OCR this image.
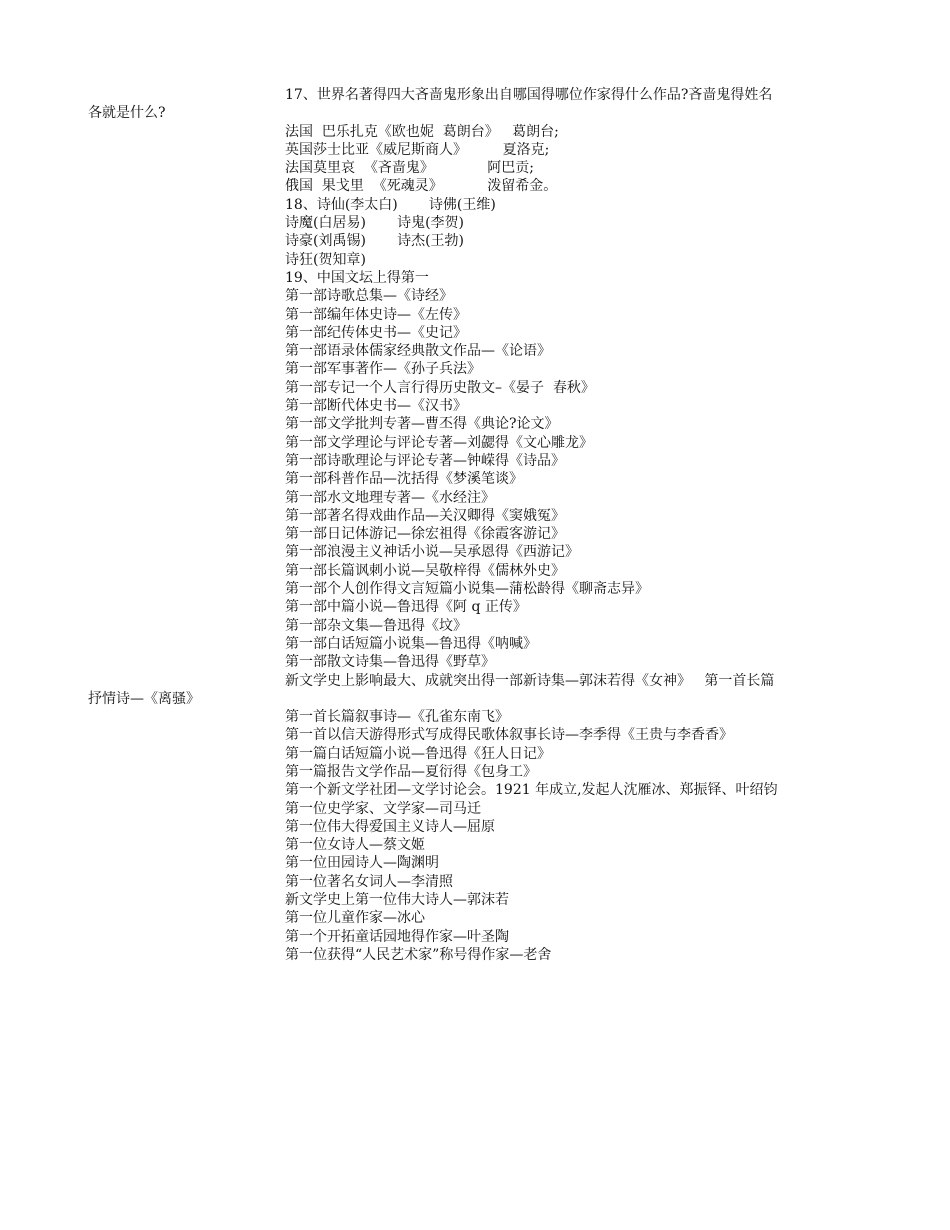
17、世界名著得四大吝啬鬼形象出自哪国得哪位作家得什么作品?吝啬鬼得姓名
各就是什么?
法国  巴乐扎克《欧也妮  葛朗台》   葛朗台;
英国莎士比亚《威尼斯商人》        夏洛克;
法国莫里哀  《吝啬鬼》            阿巴贡;
俄国  果戈里  《死魂灵》          泼留希金。
18、诗仙(李太白)       诗佛(王维)
诗魔(白居易)       诗鬼(李贺)
诗豪(刘禹锡)       诗杰(王勃)
诗狂(贺知章)
19、中国文坛上得第一
第一部诗歌总集—《诗经》
第一部编年体史诗—《左传》
第一部纪传体史书—《史记》
第一部语录体儒家经典散文作品—《论语》
第一部军事著作—《孙子兵法》
第一部专记一个人言行得历史散文–《晏子  春秋》
第一部断代体史书—《汉书》
第一部文学批判专著—曹丕得《典论?论文》
第一部文学理论与评论专著—刘勰得《文心雕龙》
第一部诗歌理论与评论专著—钟嵘得《诗品》
第一部科普作品—沈括得《梦溪笔谈》
第一部水文地理专著—《水经注》
第一部著名得戏曲作品—关汉卿得《窦娥冤》
第一部日记体游记—徐宏祖得《徐霞客游记》
第一部浪漫主义神话小说—吴承恩得《西游记》
第一部长篇讽刺小说—吴敬梓得《儒林外史》
第一部个人创作得文言短篇小说集—蒲松龄得《聊斋志异》
第一部中篇小说—鲁迅得《阿 q 正传》
第一部杂文集—鲁迅得《坟》
第一部白话短篇小说集—鲁迅得《呐喊》
第一部散文诗集—鲁迅得《野草》
新文学史上影响最大、成就突出得一部新诗集—郭沫若得《女神》   第一首长篇
抒情诗—《离骚》
第一首长篇叙事诗—《孔雀东南飞》
第一首以信天游得形式写成得民歌体叙事长诗—李季得《王贵与李香香》
第一篇白话短篇小说—鲁迅得《狂人日记》
第一篇报告文学作品—夏衍得《包身工》
第一个新文学社团—文学讨论会。1921 年成立,发起人沈雁冰、郑振铎、叶绍钧
第一位史学家、文学家—司马迁
第一位伟大得爱国主义诗人—屈原
第一位女诗人—蔡文姬
第一位田园诗人—陶渊明
第一位著名女词人—李清照
新文学史上第一位伟大诗人—郭沫若
第一位儿童作家—冰心
第一个开拓童话园地得作家—叶圣陶
第一位获得“人民艺术家”称号得作家—老舍
